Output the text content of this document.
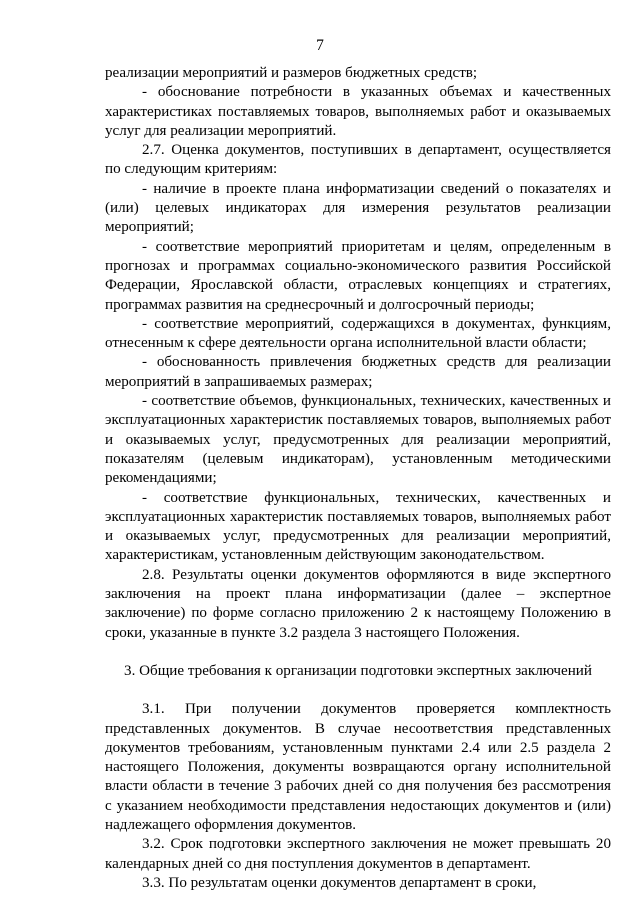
7

реализации мероприятий и размеров бюджетных средств;

- обоснование потребности в указанных объемах и качественных характеристиках поставляемых товаров, выполняемых работ и оказываемых услуг для реализации мероприятий.

2.7. Оценка документов, поступивших в департамент, осуществляется по следующим критериям:

- наличие в проекте плана информатизации сведений о показателях и (или) целевых индикаторах для измерения результатов реализации мероприятий;

- соответствие мероприятий приоритетам и целям, определенным в прогнозах и программах социально-экономического развития Российской Федерации, Ярославской области, отраслевых концепциях и стратегиях, программах развития на среднесрочный и долгосрочный периоды;

- соответствие мероприятий, содержащихся в документах, функциям, отнесенным к сфере деятельности органа исполнительной власти области;

- обоснованность привлечения бюджетных средств для реализации мероприятий в запрашиваемых размерах;

- соответствие объемов, функциональных, технических, качественных и эксплуатационных характеристик поставляемых товаров, выполняемых работ и оказываемых услуг, предусмотренных для реализации мероприятий, показателям (целевым индикаторам), установленным методическими рекомендациями;

- соответствие функциональных, технических, качественных и эксплуатационных характеристик поставляемых товаров, выполняемых работ и оказываемых услуг, предусмотренных для реализации мероприятий, характеристикам, установленным действующим законодательством.

2.8. Результаты оценки документов оформляются в виде экспертного заключения на проект плана информатизации (далее – экспертное заключение) по форме согласно приложению 2 к настоящему Положению в сроки, указанные в пункте 3.2 раздела 3 настоящего Положения.

3. Общие требования к организации подготовки экспертных заключений

3.1. При получении документов проверяется комплектность представленных документов. В случае несоответствия представленных документов требованиям, установленным пунктами 2.4 или 2.5 раздела 2 настоящего Положения, документы возвращаются органу исполнительной власти области в течение 3 рабочих дней со дня получения без рассмотрения с указанием необходимости представления недостающих документов и (или) надлежащего оформления документов.

3.2. Срок подготовки экспертного заключения не может превышать 20 календарных дней со дня поступления документов в департамент.

3.3. По результатам оценки документов департамент в сроки,
